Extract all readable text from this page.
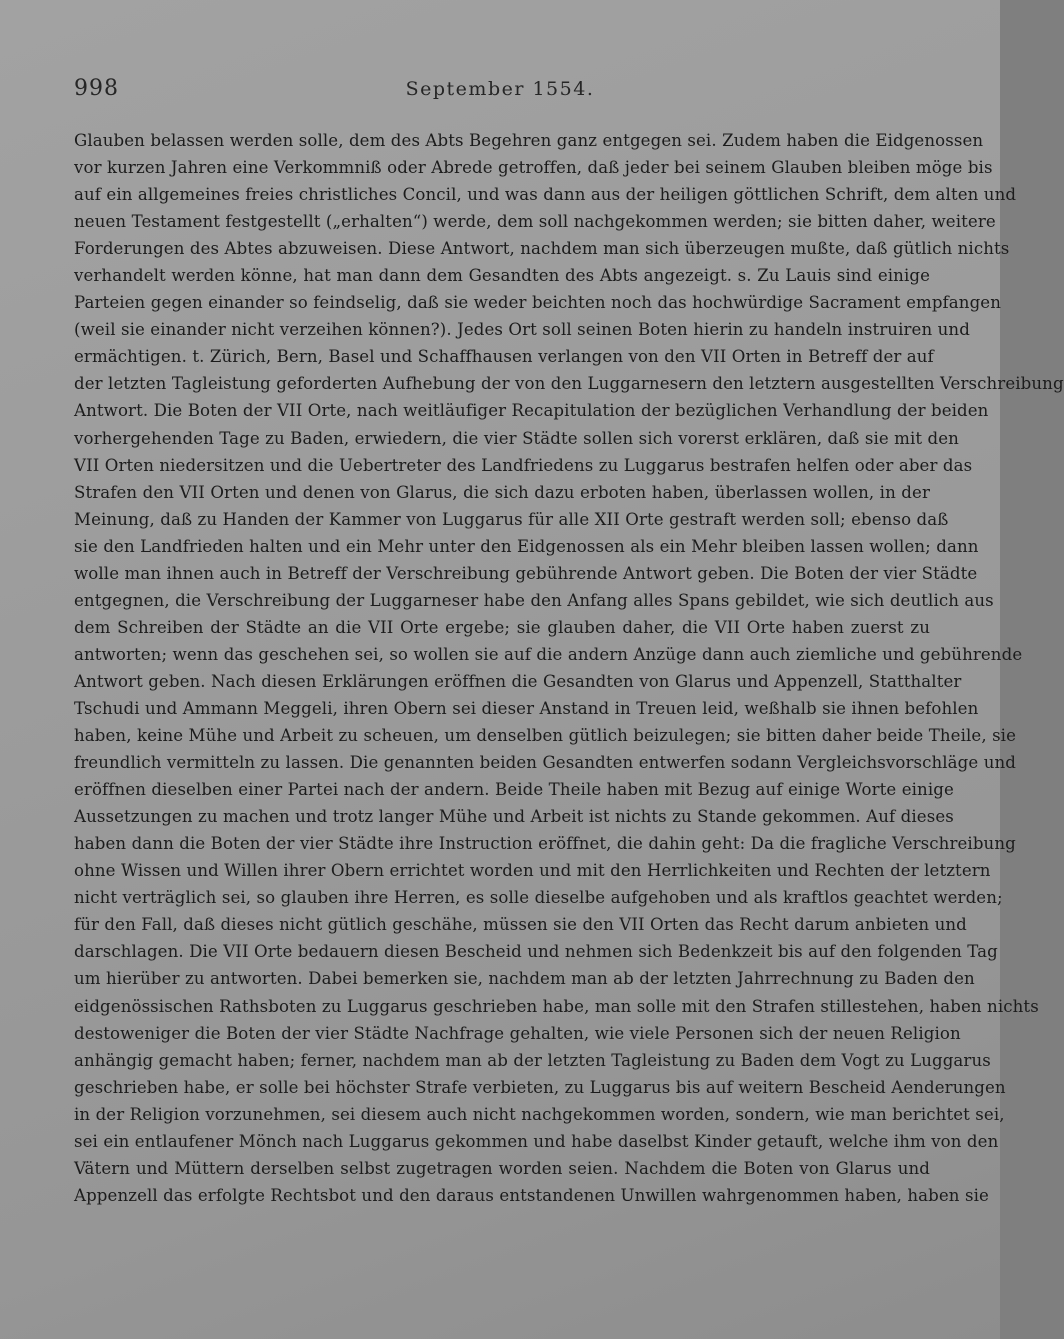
998	September 1554.
Glauben belassen werden solle, dem des Abts Begehren ganz entgegen sei. Zudem haben die Eidgenossen
vor kurzen Jahren eine Verkommniß oder Abrede getroffen, daß jeder bei seinem Glauben bleiben möge bis
auf ein allgemeines freies christliches Concil, und was dann aus der heiligen göttlichen Schrift, dem alten und
neuen Testament festgestellt („erhalten“) werde, dem soll nachgekommen werden; sie bitten daher, weitere
Forderungen des Abtes abzuweisen. Diese Antwort, nachdem man sich überzeugen mußte, daß gütlich nichts
verhandelt werden könne, hat man dann dem Gesandten des Abts angezeigt. s. Zu Lauis sind einige
Parteien gegen einander so feindselig, daß sie weder beichten noch das hochwürdige Sacrament empfangen
(weil sie einander nicht verzeihen können?). Jedes Ort soll seinen Boten hierin zu handeln instruiren und
ermächtigen. t. Zürich, Bern, Basel und Schaffhausen verlangen von den VII Orten in Betreff der auf
der letzten Tagleistung geforderten Aufhebung der von den Luggarnesern den letztern ausgestellten Verschreibung
Antwort. Die Boten der VII Orte, nach weitläufiger Recapitulation der bezüglichen Verhandlung der beiden
vorhergehenden Tage zu Baden, erwiedern, die vier Städte sollen sich vorerst erklären, daß sie mit den
VII Orten niedersitzen und die Uebertreter des Landfriedens zu Luggarus bestrafen helfen oder aber das
Strafen den VII Orten und denen von Glarus, die sich dazu erboten haben, überlassen wollen, in der
Meinung, daß zu Handen der Kammer von Luggarus für alle XII Orte gestraft werden soll; ebenso daß
sie den Landfrieden halten und ein Mehr unter den Eidgenossen als ein Mehr bleiben lassen wollen; dann
wolle man ihnen auch in Betreff der Verschreibung gebührende Antwort geben. Die Boten der vier Städte
entgegnen, die Verschreibung der Luggarneser habe den Anfang alles Spans gebildet, wie sich deutlich aus
dem Schreiben der Städte an die VII Orte ergebe; sie glauben daher, die VII Orte haben zuerst zu
antworten; wenn das geschehen sei, so wollen sie auf die andern Anzüge dann auch ziemliche und gebührende
Antwort geben. Nach diesen Erklärungen eröffnen die Gesandten von Glarus und Appenzell, Statthalter
Tschudi und Ammann Meggeli, ihren Obern sei dieser Anstand in Treuen leid, weßhalb sie ihnen befohlen
haben, keine Mühe und Arbeit zu scheuen, um denselben gütlich beizulegen; sie bitten daher beide Theile, sie
freundlich vermitteln zu lassen. Die genannten beiden Gesandten entwerfen sodann Vergleichsvorschläge und
eröffnen dieselben einer Partei nach der andern. Beide Theile haben mit Bezug auf einige Worte einige
Aussetzungen zu machen und trotz langer Mühe und Arbeit ist nichts zu Stande gekommen. Auf dieses
haben dann die Boten der vier Städte ihre Instruction eröffnet, die dahin geht: Da die fragliche Verschreibung
ohne Wissen und Willen ihrer Obern errichtet worden und mit den Herrlichkeiten und Rechten der letztern
nicht verträglich sei, so glauben ihre Herren, es solle dieselbe aufgehoben und als kraftlos geachtet werden;
für den Fall, daß dieses nicht gütlich geschähe, müssen sie den VII Orten das Recht darum anbieten und
darschlagen. Die VII Orte bedauern diesen Bescheid und nehmen sich Bedenkzeit bis auf den folgenden Tag
um hierüber zu antworten. Dabei bemerken sie, nachdem man ab der letzten Jahrrechnung zu Baden den
eidgenössischen Rathsboten zu Luggarus geschrieben habe, man solle mit den Strafen stillestehen, haben nichts
destoweniger die Boten der vier Städte Nachfrage gehalten, wie viele Personen sich der neuen Religion
anhängig gemacht haben; ferner, nachdem man ab der letzten Tagleistung zu Baden dem Vogt zu Luggarus
geschrieben habe, er solle bei höchster Strafe verbieten, zu Luggarus bis auf weitern Bescheid Aenderungen
in der Religion vorzunehmen, sei diesem auch nicht nachgekommen worden, sondern, wie man berichtet sei,
sei ein entlaufener Mönch nach Luggarus gekommen und habe daselbst Kinder getauft, welche ihm von den
Vätern und Müttern derselben selbst zugetragen worden seien. Nachdem die Boten von Glarus und
Appenzell das erfolgte Rechtsbot und den daraus entstandenen Unwillen wahrgenommen haben, haben sie
